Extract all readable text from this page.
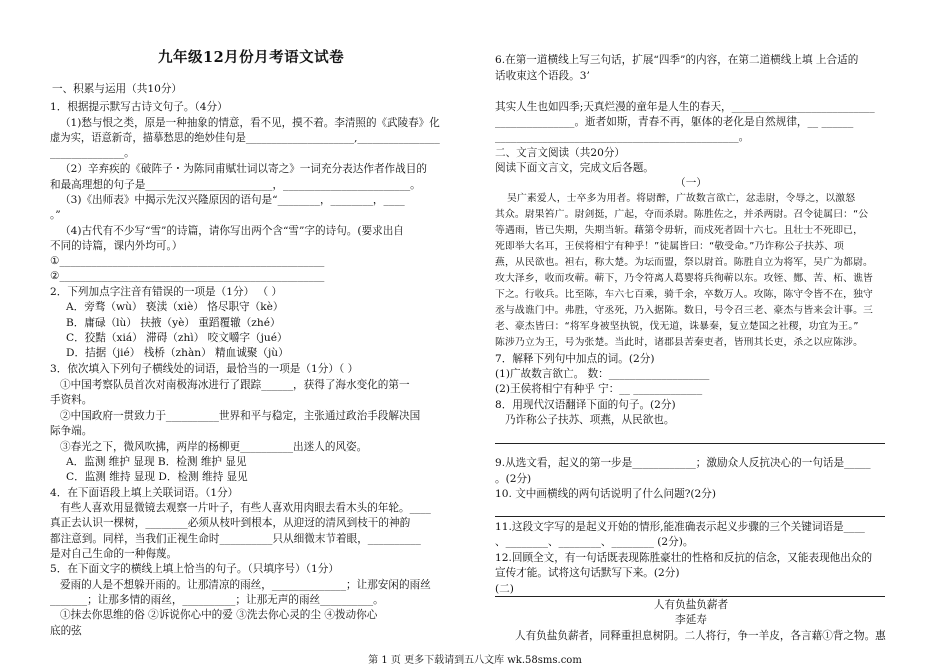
九年级12月份月考语文试卷
一、积累与运用（共10分）
1．根据提示默写古诗文句子。（4分）
（1)愁与恨之类，原是一种抽象的情意，看不见，摸不着。李清照的《武陵春》化
虚为实，语意新奇，描摹愁思的绝妙佳句是_____________________,________________
______________。
（2）辛弃疾的《破阵子・为陈同甫赋壮词以寄之》一词充分表达作者作战目的
和最高理想的句子是________________________，________________________。
（3)《出师表》中揭示先汉兴隆原因的语句是“________，________，____
。”
（4)古代有不少写“雪”的诗篇，请你写出两个含“雪”字的诗句。(要求出自
不同的诗篇，课内外均可。）
①__________________________________________________
②__________________________________________________
2．下列加点字注音有错误的一项是（1分） （ ）
A．旁骛（wù） 亵渎（xiè） 恪尽职守（kè）
B．庸碌（lù） 扶掖（yè） 重蹈覆辙（zhé）
C．狡黠（xiá） 滞碍（zhì） 咬文嚼字（jué）
D．拮据（jié） 栈桥（zhàn） 精血诚聚（jù）
3．依次填入下列句子横线处的词语，最恰当的一项是（1分）（ ）
①中国考察队员首次对南极海冰进行了跟踪______，获得了海水变化的第一
手资料。
②中国政府一贯致力于__________世界和平与稳定，主张通过政治手段解决国
际争端。
③春光之下，微风吹拂，两岸的杨柳更__________出迷人的风姿。
A．监测 维护 显现 B．检测 维护 显见
C．监测 维持 显现 D．检测 维持 显见
4．在下面语段上填上关联词语。（1分）
有些人喜欢用显微镜去观察一片叶子，有些人喜欢用肉眼去看木头的年轮。____
真正去认识一棵树，________必须从枝叶到根本，从迎迓的清风到枝干的神韵
都注意到。同样，当我们正视生命时__________只从细微末节着眼，__________
是对自己生命的一种侮蔑。
5．在下面文字的横线上填上恰当的句子。（只填序号）（1分）
爱雨的人是不想躲开雨的。让那清凉的雨丝，______________；让那安闲的雨丝
_______；让那多情的雨丝，__________；让那无声的雨丝__________。
①抹去你思维的俗 ②诉说你心中的爱 ③洗去你心灵的尘 ④拨动你心
底的弦
6.在第一道横线上写三句话，扩展“四季”的内容，在第二道横线上填 上合适的
话收束这个语段。3’
其实人生也如四季;天真烂漫的童年是人生的春天，___________________________
_______________。逝者如斯，青春不再，躯体的老化是自然规律，__ ______
______________________________________________。
二、文言文阅读（共20分）
阅读下面文言文，完成文后各题。
（一）
吴广素爱人，士卒多为用者。将尉醉，广故数言欲亡，忿恚尉，令辱之，以激怒
其众。尉果笞广。尉剑挺，广起，夺而杀尉。陈胜佐之，并杀两尉。召令徒属曰：“公
等遇雨，皆已失期，失期当斩。藉第令毋斩，而戍死者固十六七。且壮士不死即已，
死即举大名耳，王侯将相宁有种乎！”徒属皆曰：“敬受命。”乃诈称公子扶苏、项
燕，从民欲也。袒右，称大楚。为坛而盟，祭以尉首。陈胜自立为将军，吴广为都尉。
攻大泽乡，收而攻蕲。蕲下，乃令符离人葛婴将兵徇蕲以东。攻铚、酂、苦、柘、谯皆
下之。行收兵。比至陈，车六七百乘，骑千余，卒数万人。攻陈，陈守令皆不在，独守
丞与战谯门中。弗胜，守丞死，乃入据陈。数日，号令召三老、豪杰与皆来会计事。三
老、豪杰皆曰：“将军身被坚执锐，伐无道，诛暴秦，复立楚国之社稷，功宜为王。”
陈涉乃立为王，号为张楚。当此时，诸郡县苦秦吏者，皆刑其长吏，杀之以应陈涉。
7．解释下列句中加点的词。(2分)
(1)广故数言欲亡。 数：___________________
(2)王侯将相宁有种乎 宁：__ _____________
8．用现代汉语翻译下面的句子。(2分)
乃诈称公子扶苏、项燕，从民欲也。
9.从选文看，起义的第一步是____________；激励众人反抗决心的一句话是_____
。(2分)
10. 文中画横线的两句话说明了什么问题?(2分)
11.这段文字写的是起义开始的情形,能准确表示起义步骤的三个关键词语是____
、________、________、________ (2分)。
12.回顾全文，有一句话既表现陈胜豪壮的性格和反抗的信念，又能表现他出众的
宣传才能。试将这句话默写下来。(2分)
(二)
人有负盐负薪者
李延寿
人有负盐负薪者，同释重担息树阴。二人将行，争一羊皮，各言藉①背之物。惠
第 1 页 更多下载请到五八文库 wk.58sms.com
